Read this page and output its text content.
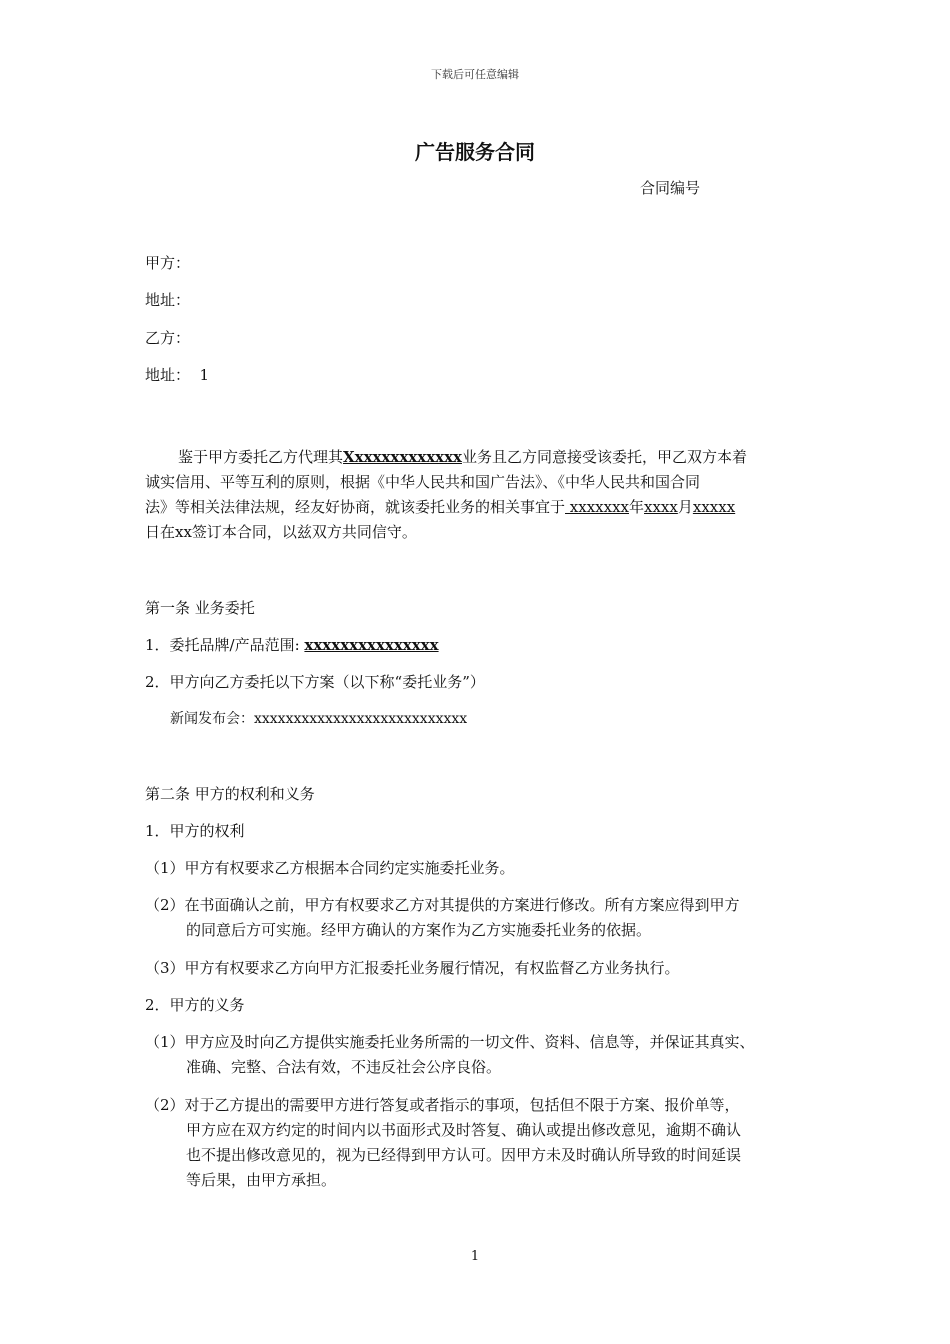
下载后可任意编辑
广告服务合同
合同编号
甲方：
地址：
乙方：
地址：  1
鉴于甲方委托乙方代理其Xxxxxxxxxxxxx业务且乙方同意接受该委托，甲乙双方本着
诚实信用、平等互利的原则，根据《中华人民共和国广告法》、《中华人民共和国合同
法》等相关法律法规，经友好协商，就该委托业务的相关事宜于 xxxxxxx年xxxx月xxxxx
日在xx签订本合同，以兹双方共同信守。
第一条 业务委托
1．委托品牌/产品范围: xxxxxxxxxxxxxxx
2．甲方向乙方委托以下方案（以下称“委托业务”）
新闻发布会：xxxxxxxxxxxxxxxxxxxxxxxxxxx
第二条 甲方的权利和义务
1．甲方的权利
（1）甲方有权要求乙方根据本合同约定实施委托业务。
（2）在书面确认之前，甲方有权要求乙方对其提供的方案进行修改。所有方案应得到甲方
的同意后方可实施。经甲方确认的方案作为乙方实施委托业务的依据。
（3）甲方有权要求乙方向甲方汇报委托业务履行情况，有权监督乙方业务执行。
2．甲方的义务
（1）甲方应及时向乙方提供实施委托业务所需的一切文件、资料、信息等，并保证其真实、
准确、完整、合法有效，不违反社会公序良俗。
（2）对于乙方提出的需要甲方进行答复或者指示的事项，包括但不限于方案、报价单等，
甲方应在双方约定的时间内以书面形式及时答复、确认或提出修改意见，逾期不确认
也不提出修改意见的，视为已经得到甲方认可。因甲方未及时确认所导致的时间延误
等后果，由甲方承担。
1
